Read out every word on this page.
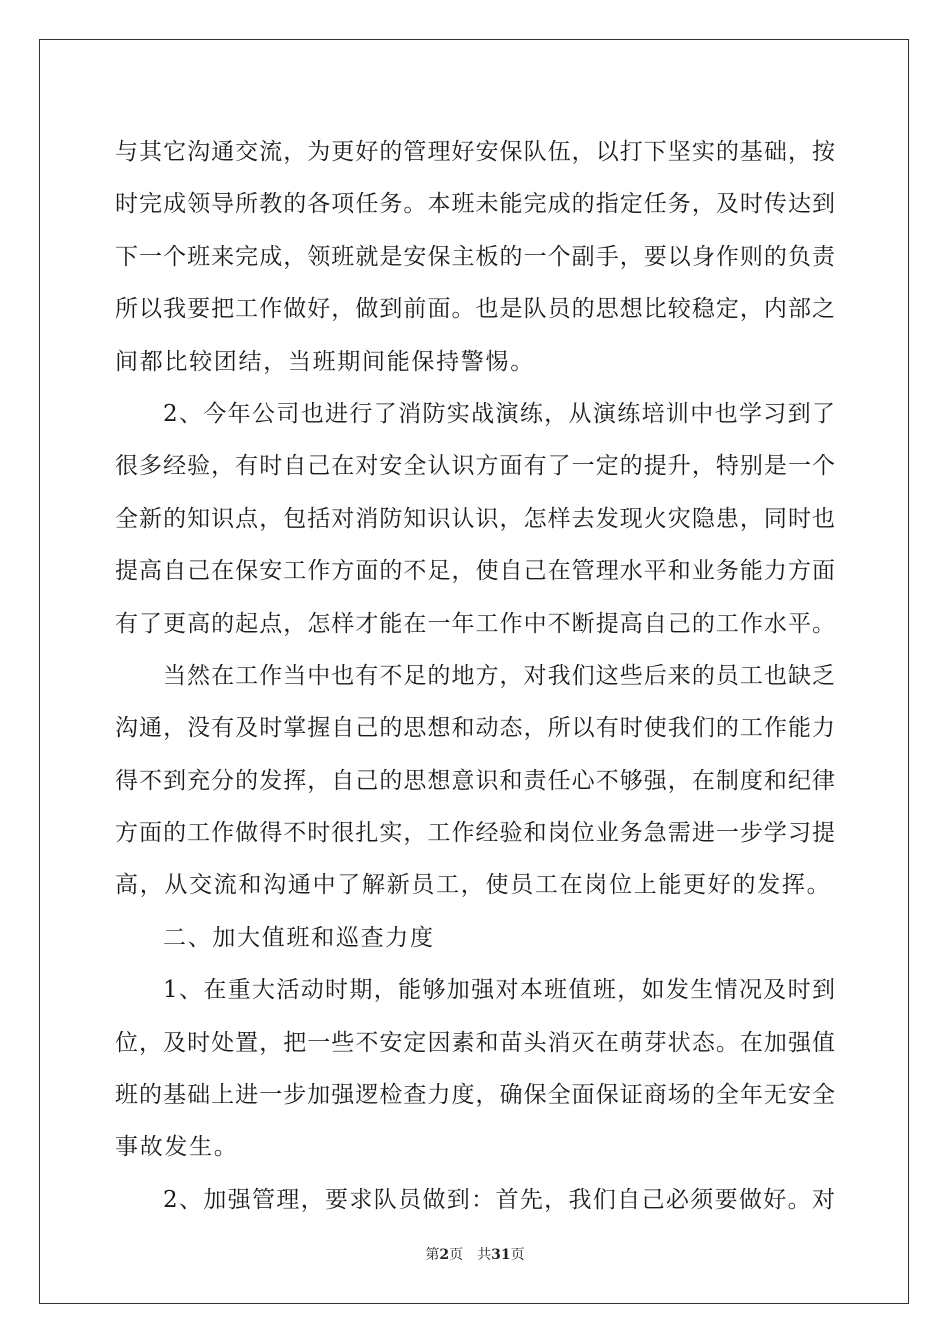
与其它沟通交流，为更好的管理好安保队伍，以打下坚实的基础，按
时完成领导所教的各项任务。本班未能完成的指定任务，及时传达到
下一个班来完成，领班就是安保主板的一个副手，要以身作则的负责
所以我要把工作做好，做到前面。也是队员的思想比较稳定，内部之
间都比较团结，当班期间能保持警惕。
2、今年公司也进行了消防实战演练，从演练培训中也学习到了
很多经验，有时自己在对安全认识方面有了一定的提升，特别是一个
全新的知识点，包括对消防知识认识，怎样去发现火灾隐患，同时也
提高自己在保安工作方面的不足，使自己在管理水平和业务能力方面
有了更高的起点，怎样才能在一年工作中不断提高自己的工作水平。
当然在工作当中也有不足的地方，对我们这些后来的员工也缺乏
沟通，没有及时掌握自己的思想和动态，所以有时使我们的工作能力
得不到充分的发挥，自己的思想意识和责任心不够强，在制度和纪律
方面的工作做得不时很扎实，工作经验和岗位业务急需进一步学习提
高，从交流和沟通中了解新员工，使员工在岗位上能更好的发挥。
二、加大值班和巡查力度
1、在重大活动时期，能够加强对本班值班，如发生情况及时到
位，及时处置，把一些不安定因素和苗头消灭在萌芽状态。在加强值
班的基础上进一步加强逻检查力度，确保全面保证商场的全年无安全
事故发生。
2、加强管理，要求队员做到：首先，我们自己必须要做好。对
第2页 共31页
